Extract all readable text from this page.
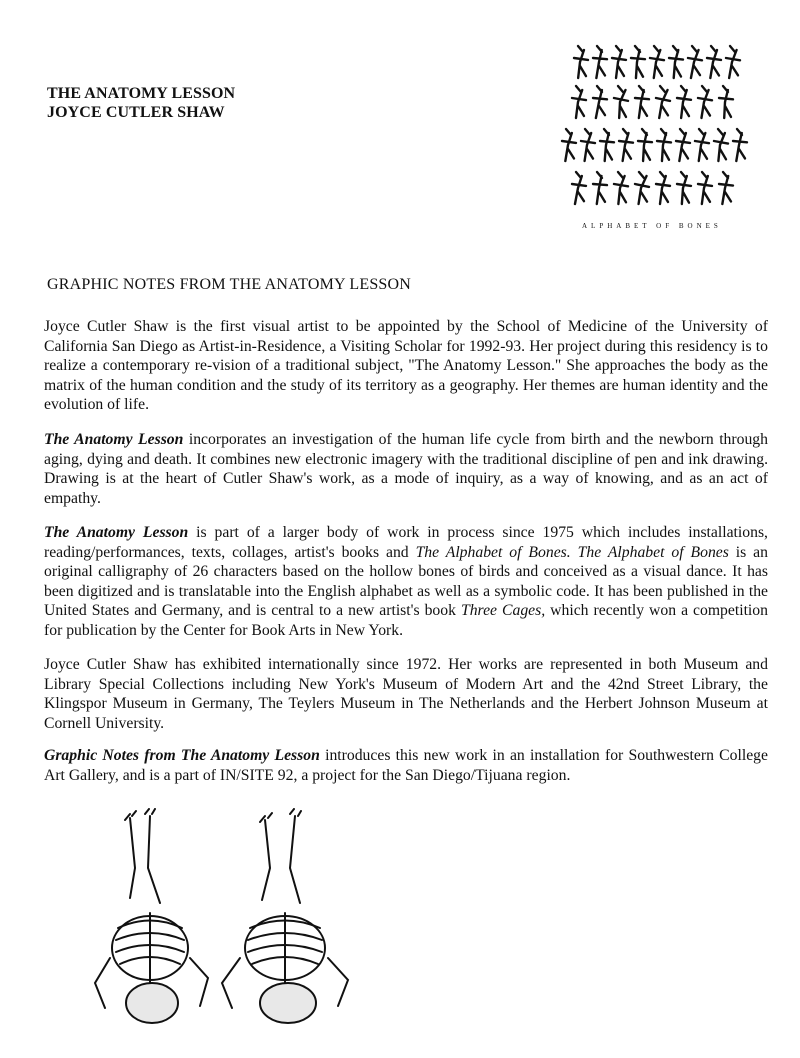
THE ANATOMY LESSON
JOYCE CUTLER SHAW
ALPHABET OF BONES
GRAPHIC NOTES FROM THE ANATOMY LESSON
Joyce Cutler Shaw is the first visual artist to be appointed by the School of Medicine of the University of California San Diego as Artist-in-Residence, a Visiting Scholar for 1992-93. Her project during this residency is to realize a contemporary re-vision of a traditional subject, "The Anatomy Lesson." She approaches the body as the matrix of the human condition and the study of its territory as a geography. Her themes are human identity and the evolution of life.
The Anatomy Lesson incorporates an investigation of the human life cycle from birth and the newborn through aging, dying and death. It combines new electronic imagery with the traditional discipline of pen and ink drawing. Drawing is at the heart of Cutler Shaw's work, as a mode of inquiry, as a way of knowing, and as an act of empathy.
The Anatomy Lesson is part of a larger body of work in process since 1975 which includes installations, reading/performances, texts, collages, artist's books and The Alphabet of Bones. The Alphabet of Bones is an original calligraphy of 26 characters based on the hollow bones of birds and conceived as a visual dance. It has been digitized and is translatable into the English alphabet as well as a symbolic code. It has been published in the United States and Germany, and is central to a new artist's book Three Cages, which recently won a competition for publication by the Center for Book Arts in New York.
Joyce Cutler Shaw has exhibited internationally since 1972. Her works are represented in both Museum and Library Special Collections including New York's Museum of Modern Art and the 42nd Street Library, the Klingspor Museum in Germany, The Teylers Museum in The Netherlands and the Herbert Johnson Museum at Cornell University.
Graphic Notes from The Anatomy Lesson introduces this new work in an installation for Southwestern College Art Gallery, and is a part of IN/SITE 92, a project for the San Diego/Tijuana region.
